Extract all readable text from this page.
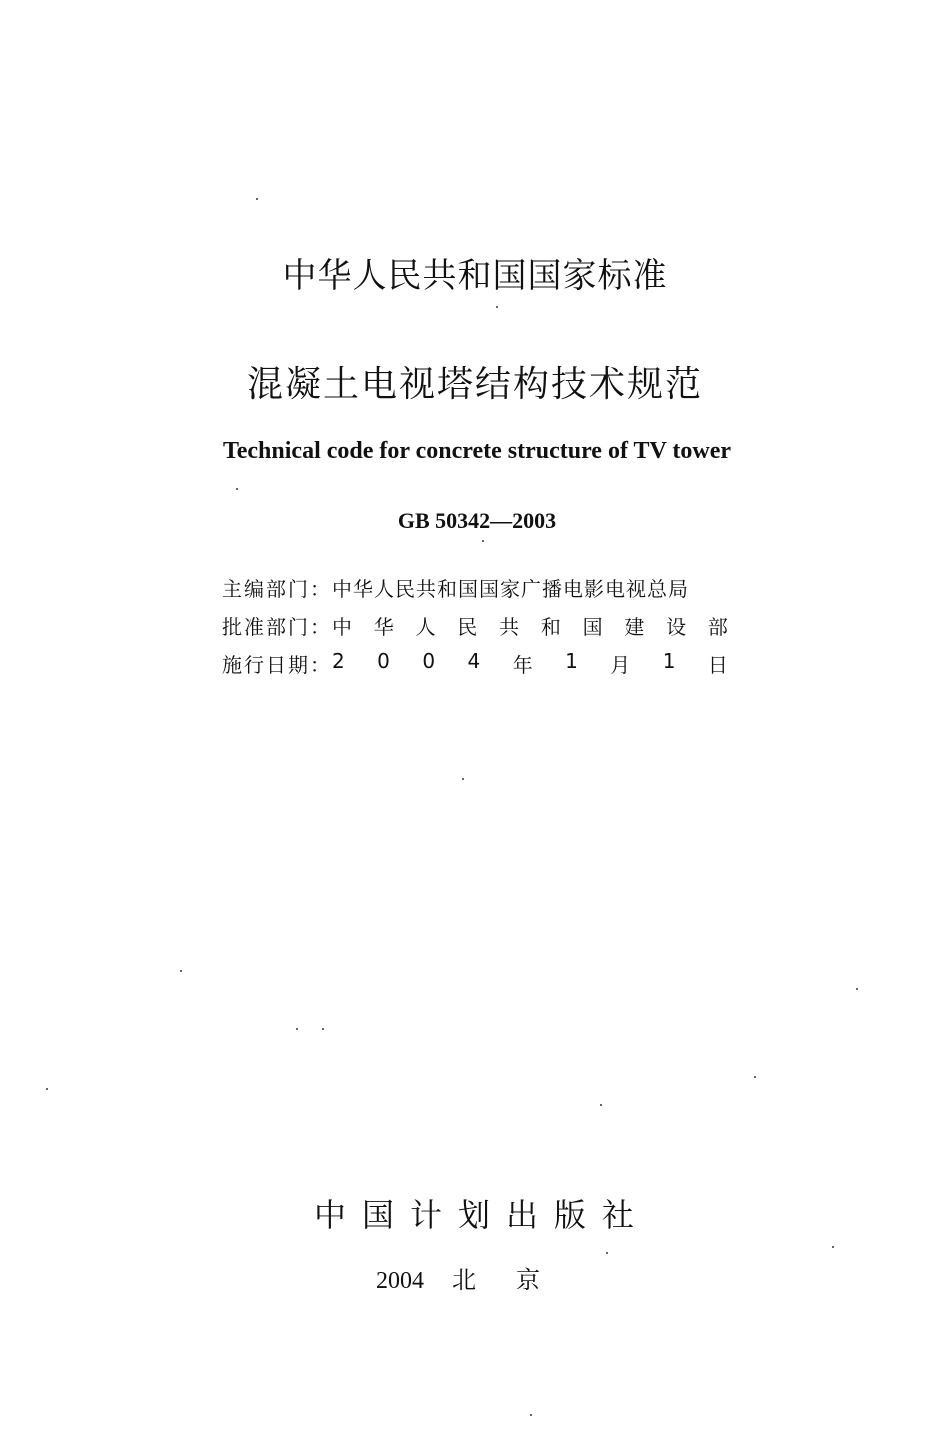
中华人民共和国国家标准
混凝土电视塔结构技术规范
Technical code for concrete structure of TV tower
GB 50342—2003
主编部门： 中华人民共和国国家广播电影电视总局
批准部门： 中 华 人 民 共 和 国 建 设 部
施行日期： 2 0 0 4 年 1 月 1 日
中 国 计 划 出 版 社
2004 北京
